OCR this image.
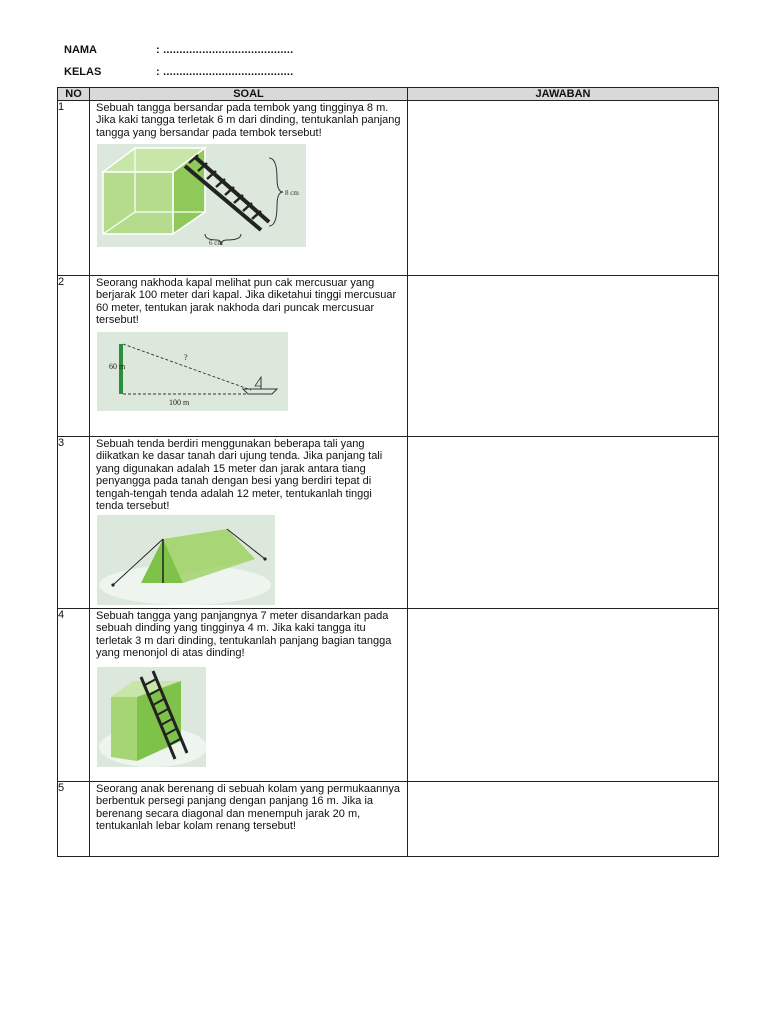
NAMA	: ........................................
KELAS	: ........................................
NO	SOAL	JAWABAN
1	Sebuah tangga bersandar pada tembok yang tingginya 8 m. Jika kaki tangga terletak 6 m dari dinding, tentukanlah panjang tangga yang bersandar pada tembok tersebut!
8 cm
6 cm	

2	Seorang nakhoda kapal melihat pun cak mercusuar yang berjarak 100 meter dari kapal. Jika diketahui tinggi mercusuar 60 meter, tentukan jarak nakhoda dari puncak mercusuar tersebut!
60 m
?
100 m	

3	Sebuah tenda berdiri menggunakan beberapa tali yang diikatkan ke dasar tanah dari ujung tenda. Jika panjang tali yang digunakan adalah 15 meter dan jarak antara tiang penyangga pada tanah dengan besi yang berdiri tepat di tengah-tengah tenda adalah 12 meter, tentukanlah tinggi tenda tersebut!	

4	Sebuah tangga yang panjangnya 7 meter disandarkan pada sebuah dinding yang tingginya 4 m. Jika kaki tangga itu terletak 3 m dari dinding, tentukanlah panjang bagian tangga yang menonjol di atas dinding!	

5	Seorang anak berenang di sebuah kolam yang permukaannya berbentuk persegi panjang dengan panjang 16 m. Jika ia berenang secara diagonal dan menempuh jarak 20 m, tentukanlah lebar kolam renang tersebut!	
